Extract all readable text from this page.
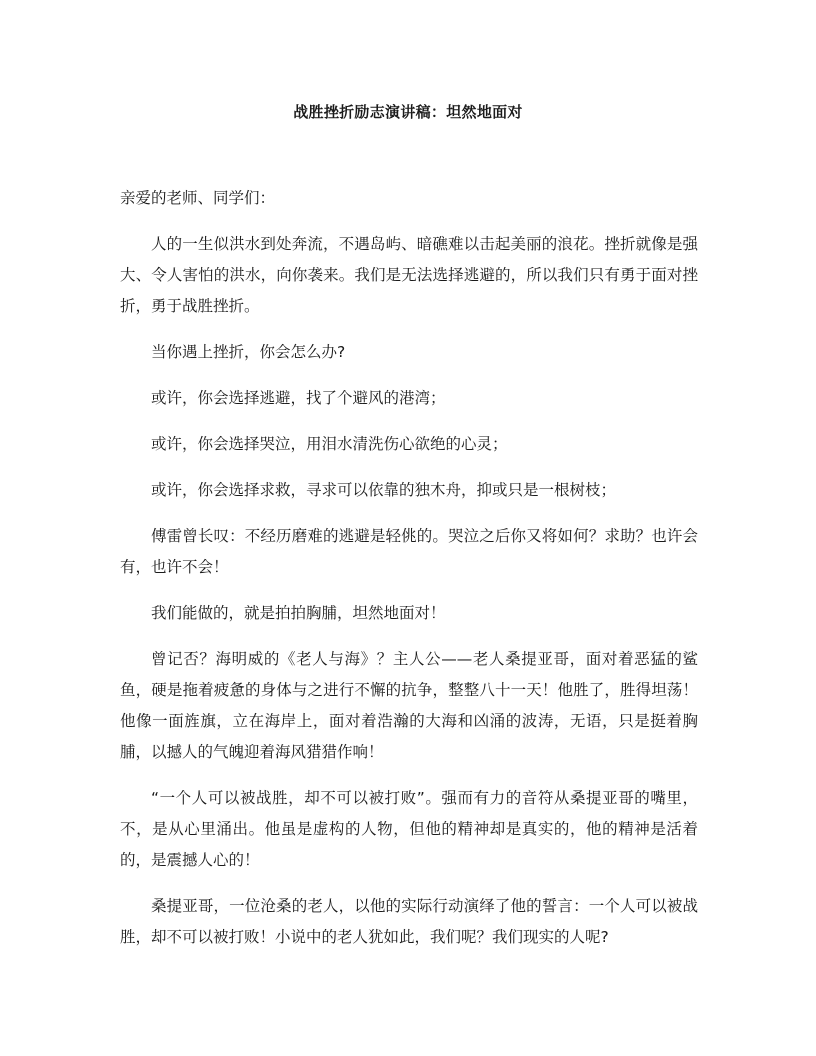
战胜挫折励志演讲稿：坦然地面对

亲爱的老师、同学们：

人的一生似洪水到处奔流，不遇岛屿、暗礁难以击起美丽的浪花。挫折就像是强大、令人害怕的洪水，向你袭来。我们是无法选择逃避的，所以我们只有勇于面对挫折，勇于战胜挫折。

当你遇上挫折，你会怎么办?

或许，你会选择逃避，找了个避风的港湾；

或许，你会选择哭泣，用泪水清洗伤心欲绝的心灵；

或许，你会选择求救，寻求可以依靠的独木舟，抑或只是一根树枝；

傅雷曾长叹：不经历磨难的逃避是轻佻的。哭泣之后你又将如何？求助？也许会有，也许不会！

我们能做的，就是拍拍胸脯，坦然地面对！

曾记否？海明威的《老人与海》？主人公——老人桑提亚哥，面对着恶猛的鲨鱼，硬是拖着疲惫的身体与之进行不懈的抗争，整整八十一天！他胜了，胜得坦荡！他像一面旌旗，立在海岸上，面对着浩瀚的大海和凶涌的波涛，无语，只是挺着胸脯，以撼人的气魄迎着海风猎猎作响！

“一个人可以被战胜，却不可以被打败”。强而有力的音符从桑提亚哥的嘴里，不，是从心里涌出。他虽是虚构的人物，但他的精神却是真实的，他的精神是活着的，是震撼人心的！

桑提亚哥，一位沧桑的老人，以他的实际行动演绎了他的誓言：一个人可以被战胜，却不可以被打败！小说中的老人犹如此，我们呢？我们现实的人呢?
